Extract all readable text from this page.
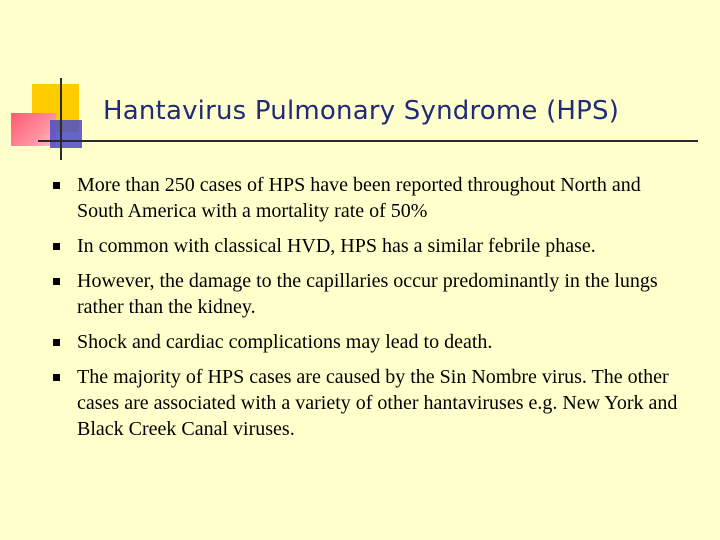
Hantavirus Pulmonary Syndrome (HPS)
More than 250 cases of HPS have been reported throughout North and South America with a mortality rate of 50%
In common with classical HVD, HPS has a similar febrile phase.
However, the damage to the capillaries occur predominantly in the lungs rather than the kidney.
Shock and cardiac complications may lead to death.
The majority of HPS cases are caused by the Sin Nombre virus. The other cases are associated with a variety of other hantaviruses e.g. New York and Black Creek Canal viruses.
